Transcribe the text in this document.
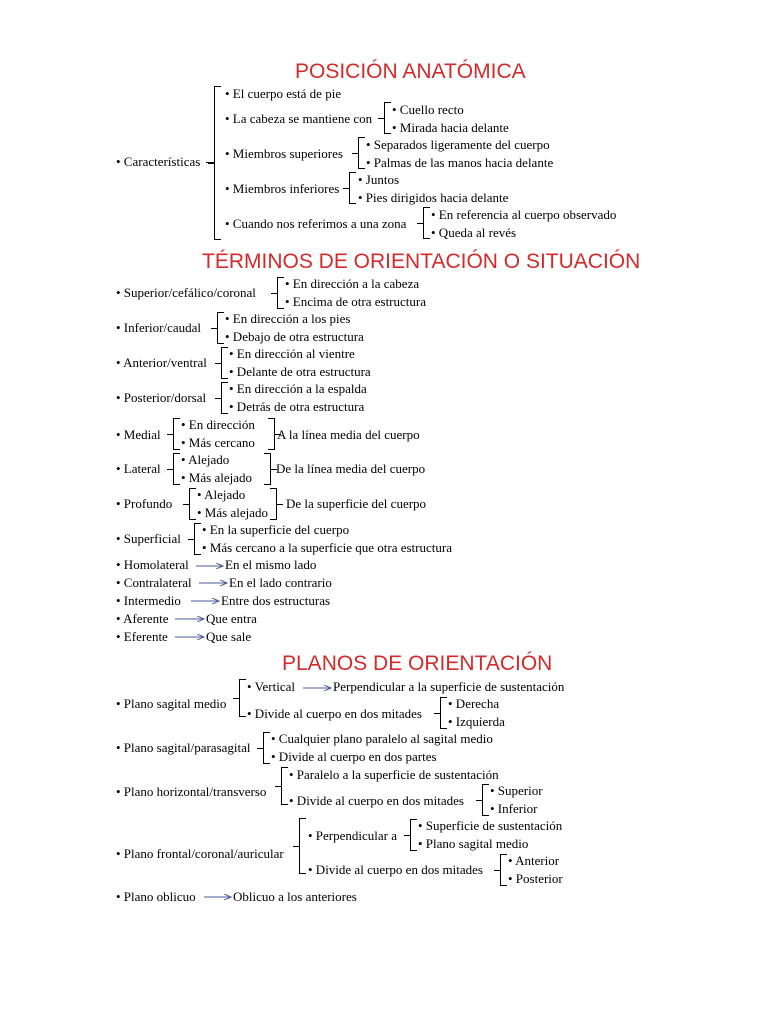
POSICIÓN ANATÓMICA
TÉRMINOS DE ORIENTACIÓN O SITUACIÓN
PLANOS DE ORIENTACIÓN
• Características
• El cuerpo está de pie
• La cabeza se mantiene con
• Cuello recto
• Mirada hacia delante
• Miembros superiores
• Separados ligeramente del cuerpo
• Palmas de las manos hacia delante
• Miembros inferiores
• Juntos
• Pies dirigidos hacia delante
• Cuando nos referimos a una zona
• En referencia al cuerpo observado
• Queda al revés
• Superior/cefálico/coronal
• En dirección a la cabeza
• Encima de otra estructura
• Inferior/caudal
• En dirección a los pies
• Debajo de otra estructura
• Anterior/ventral
• En dirección al vientre
• Delante de otra estructura
• Posterior/dorsal
• En dirección a la espalda
• Detrás de otra estructura
• Medial
• En dirección
• Más cercano
A la línea media del cuerpo
• Lateral
• Alejado
• Más alejado
De la línea media del cuerpo
• Profundo
• Alejado
• Más alejado
De la superficie del cuerpo
• Superficial
• En la superficie del cuerpo
• Más cercano a la superficie que otra estructura
• Homolateral	En el mismo lado
• Contralateral	En el lado contrario
• Intermedio	Entre dos estructuras
• Aferente	Que entra
• Eferente	Que sale
• Plano sagital medio
• Vertical	Perpendicular a la superficie de sustentación
• Divide al cuerpo en dos mitades
• Derecha
• Izquierda
• Plano sagital/parasagital
• Cualquier plano paralelo al sagital medio
• Divide al cuerpo en dos partes
• Plano horizontal/transverso
• Paralelo a la superficie de sustentación
• Divide al cuerpo en dos mitades
• Superior
• Inferior
• Plano frontal/coronal/auricular
• Perpendicular a
• Superficie de sustentación
• Plano sagital medio
• Divide al cuerpo en dos mitades
• Anterior
• Posterior
• Plano oblicuo	Oblicuo a los anteriores
